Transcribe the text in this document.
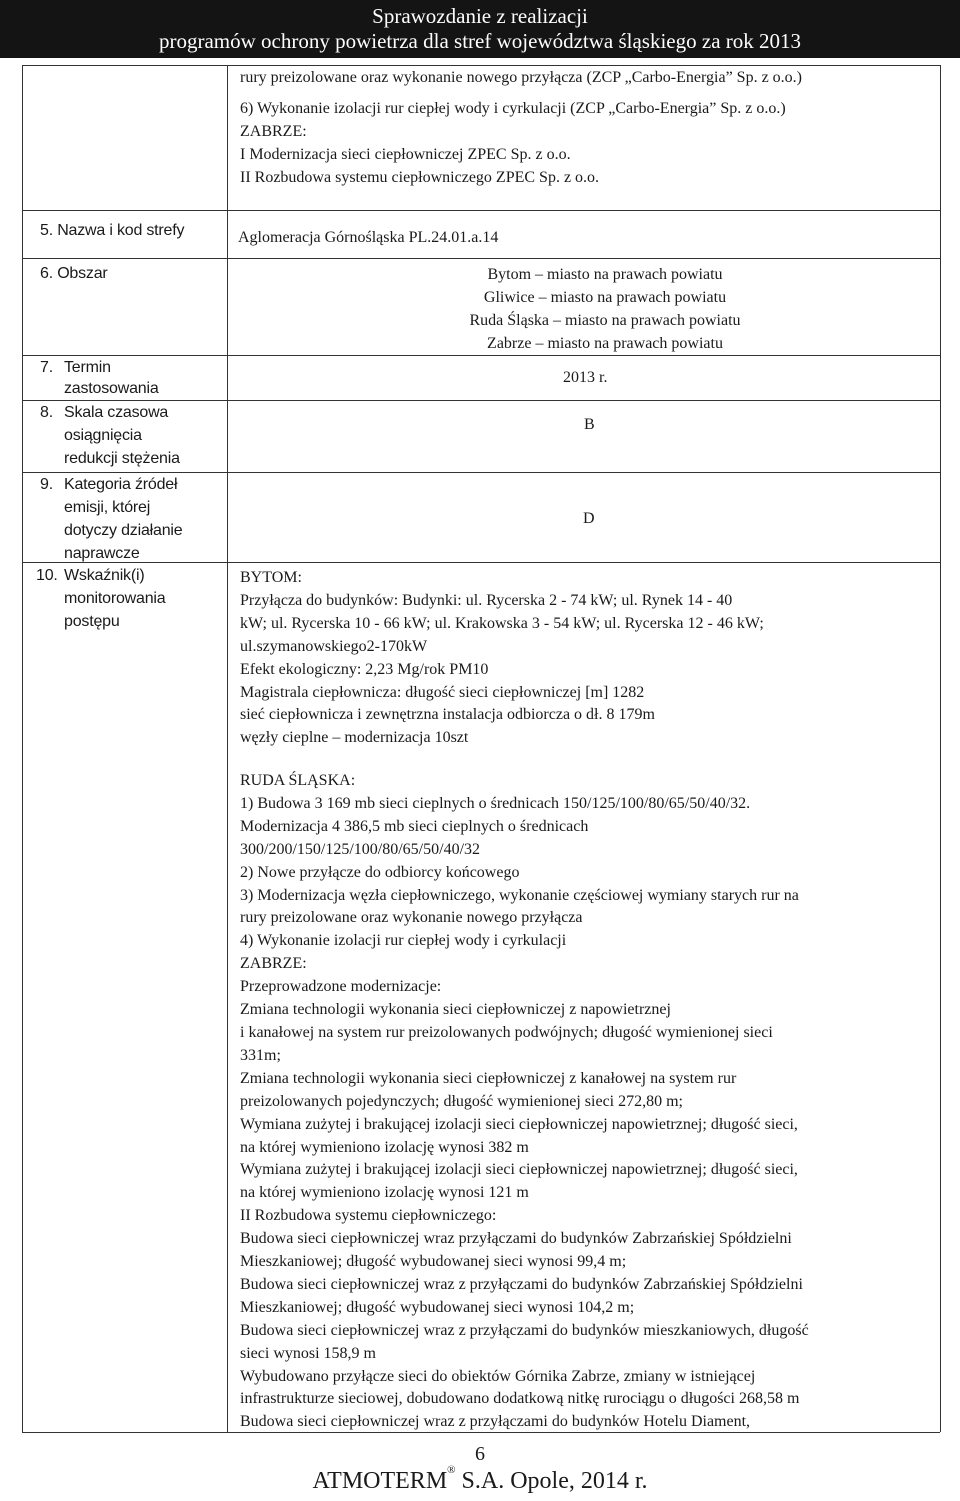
Sprawozdanie z realizacji
programów ochrony powietrza dla stref województwa śląskiego za rok 2013
rury preizolowane oraz wykonanie nowego przyłącza (ZCP „Carbo-Energia” Sp. z o.o.)
6) Wykonanie izolacji rur ciepłej wody i cyrkulacji (ZCP „Carbo-Energia” Sp. z o.o.)
ZABRZE:
I Modernizacja sieci ciepłowniczej ZPEC Sp. z o.o.
II Rozbudowa systemu ciepłowniczego ZPEC Sp. z o.o.
5. Nazwa i kod strefy	Aglomeracja Górnośląska PL.24.01.a.14
6. Obszar	Bytom – miasto na prawach powiatu
Gliwice – miasto na prawach powiatu
Ruda Śląska – miasto na prawach powiatu
Zabrze – miasto na prawach powiatu
7. Termin
zastosowania
2013 r.
8. Skala czasowa
osiągnięcia
redukcji stężenia
B
9. Kategoria źródeł
emisji, której
dotyczy działanie
naprawcze
D
10. Wskaźnik(i)
monitorowania
postępu
BYTOM:
Przyłącza do budynków: Budynki: ul. Rycerska 2 - 74 kW; ul. Rynek 14 - 40
kW; ul. Rycerska 10 - 66 kW; ul. Krakowska 3 - 54 kW; ul. Rycerska 12 - 46 kW;
ul.szymanowskiego2-170kW
Efekt ekologiczny: 2,23 Mg/rok PM10
Magistrala ciepłownicza: długość sieci ciepłowniczej [m] 1282
sieć ciepłownicza i zewnętrzna instalacja odbiorcza o dł. 8 179m
węzły cieplne – modernizacja 10szt
RUDA ŚLĄSKA:
1) Budowa 3 169 mb sieci cieplnych o średnicach 150/125/100/80/65/50/40/32.
Modernizacja 4 386,5 mb sieci cieplnych o średnicach
300/200/150/125/100/80/65/50/40/32
2) Nowe przyłącze do odbiorcy końcowego
3) Modernizacja węzła ciepłowniczego, wykonanie częściowej wymiany starych rur na
rury preizolowane oraz wykonanie nowego przyłącza
4) Wykonanie izolacji rur ciepłej wody i cyrkulacji
ZABRZE:
Przeprowadzone modernizacje:
Zmiana technologii wykonania sieci ciepłowniczej z napowietrznej
i kanałowej na system rur preizolowanych podwójnych; długość wymienionej sieci
331m;
Zmiana technologii wykonania sieci ciepłowniczej z kanałowej na system rur
preizolowanych pojedynczych; długość wymienionej sieci 272,80 m;
Wymiana zużytej i brakującej izolacji sieci ciepłowniczej napowietrznej; długość sieci,
na której wymieniono izolację wynosi 382 m
Wymiana zużytej i brakującej izolacji sieci ciepłowniczej napowietrznej; długość sieci,
na której wymieniono izolację wynosi 121 m
II Rozbudowa systemu ciepłowniczego:
Budowa sieci ciepłowniczej wraz przyłączami do budynków Zabrzańskiej Spółdzielni
Mieszkaniowej; długość wybudowanej sieci wynosi 99,4 m;
Budowa sieci ciepłowniczej wraz z przyłączami do budynków Zabrzańskiej Spółdzielni
Mieszkaniowej; długość wybudowanej sieci wynosi 104,2 m;
Budowa sieci ciepłowniczej wraz z przyłączami do budynków mieszkaniowych, długość
sieci wynosi 158,9 m
Wybudowano przyłącze sieci do obiektów Górnika Zabrze, zmiany w istniejącej
infrastrukturze sieciowej, dobudowano dodatkową nitkę rurociągu o długości 268,58 m
Budowa sieci ciepłowniczej wraz z przyłączami do budynków Hotelu Diament,
6
ATMOTERM® S.A. Opole, 2014 r.
